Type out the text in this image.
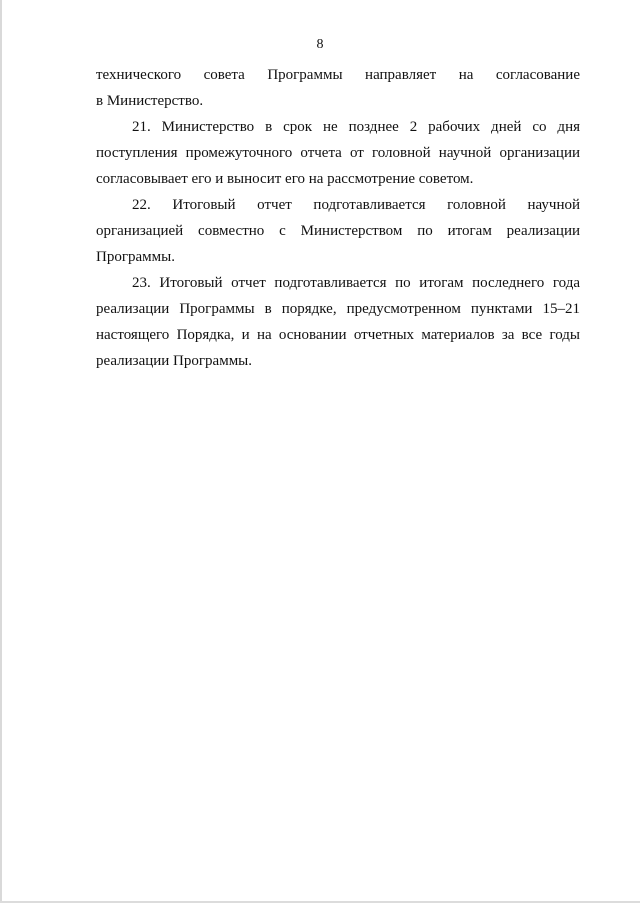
8

технического совета Программы направляет на согласование
в Министерство.

21. Министерство в срок не позднее 2 рабочих дней со дня поступления промежуточного отчета от головной научной организации согласовывает его и выносит его на рассмотрение советом.

22. Итоговый отчет подготавливается головной научной организацией совместно с Министерством по итогам реализации Программы.

23. Итоговый отчет подготавливается по итогам последнего года реализации Программы в порядке, предусмотренном пунктами 15–21 настоящего Порядка, и на основании отчетных материалов за все годы реализации Программы.
